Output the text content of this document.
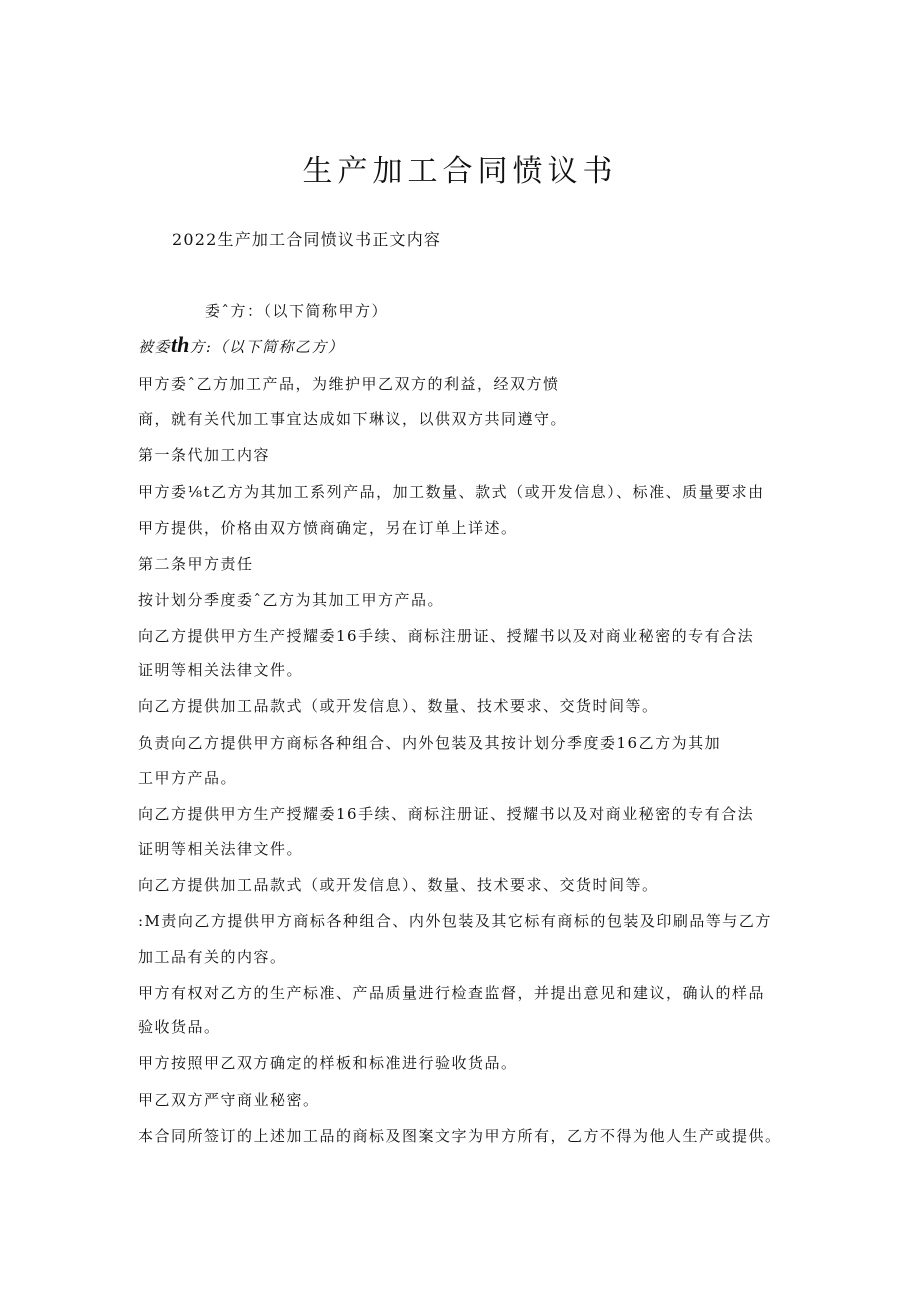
生产加工合同愤议书
2022生产加工合同愤议书正文内容
委ˆ方：（以下简称甲方）
被委th方:（以下简称乙方）
甲方委ˆ乙方加工产品，为维护甲乙双方的利益，经双方愤
商，就有关代加工事宜达成如下琳议，以供双方共同遵守。
第一条代加工内容
甲方委⅛t乙方为其加工系列产品，加工数量、款式（或开发信息）、标准、质量要求由
甲方提供，价格由双方愤商确定，另在订单上详述。
第二条甲方责任
按计划分季度委ˆ乙方为其加工甲方产品。
向乙方提供甲方生产授耀委16手续、商标注册证、授耀书以及对商业秘密的专有合法
证明等相关法律文件。
向乙方提供加工品款式（或开发信息）、数量、技术要求、交货时间等。
负责向乙方提供甲方商标各种组合、内外包装及其按计划分季度委16乙方为其加
工甲方产品。
向乙方提供甲方生产授耀委16手续、商标注册证、授耀书以及对商业秘密的专有合法
证明等相关法律文件。
向乙方提供加工品款式（或开发信息）、数量、技术要求、交货时间等。
:M责向乙方提供甲方商标各种组合、内外包装及其它标有商标的包装及印刷品等与乙方
加工品有关的内容。
甲方有权对乙方的生产标准、产品质量进行检查监督，并提出意见和建议，确认的样品
验收货品。
甲方按照甲乙双方确定的样板和标准进行验收货品。
甲乙双方严守商业秘密。
本合同所签订的上述加工品的商标及图案文字为甲方所有，乙方不得为他人生产或提供。
